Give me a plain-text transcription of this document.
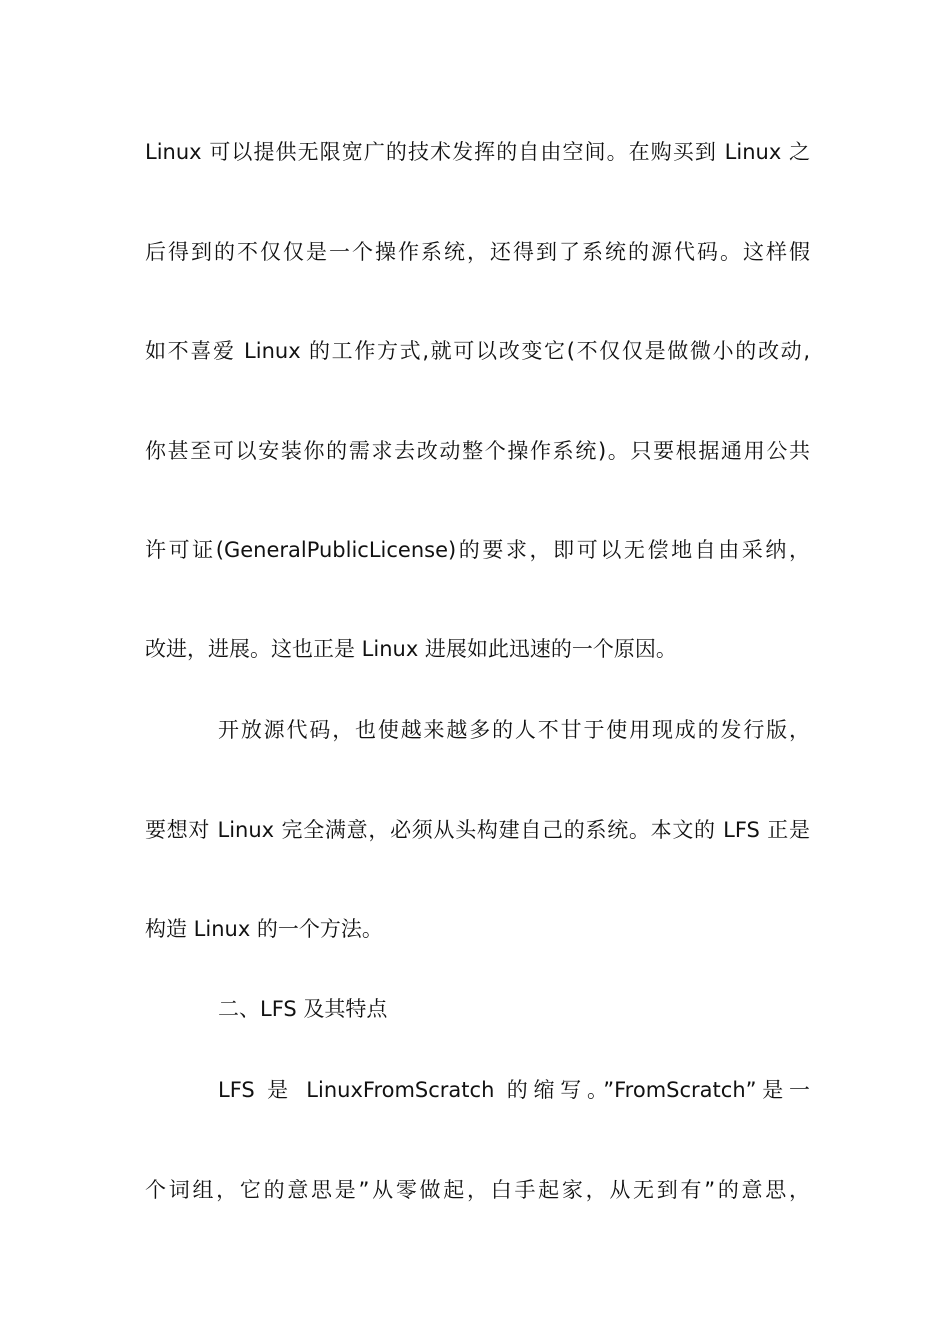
Linux 可以提供无限宽广的技术发挥的自由空间。在购买到 Linux 之
后得到的不仅仅是一个操作系统，还得到了系统的源代码。这样假
如不喜爱 Linux 的工作方式,就可以改变它(不仅仅是做微小的改动,
你甚至可以安装你的需求去改动整个操作系统)。只要根据通用公共
许可证(GeneralPublicLicense)的要求，即可以无偿地自由采纳，
改进，进展。这也正是 Linux 进展如此迅速的一个原因。
开放源代码，也使越来越多的人不甘于使用现成的发行版，
要想对 Linux 完全满意，必须从头构建自己的系统。本文的 LFS 正是
构造 Linux 的一个方法。
二、LFS 及其特点
LFS 是 LinuxFromScratch 的缩写。”FromScratch”是一
个词组，它的意思是”从零做起，白手起家，从无到有”的意思，
